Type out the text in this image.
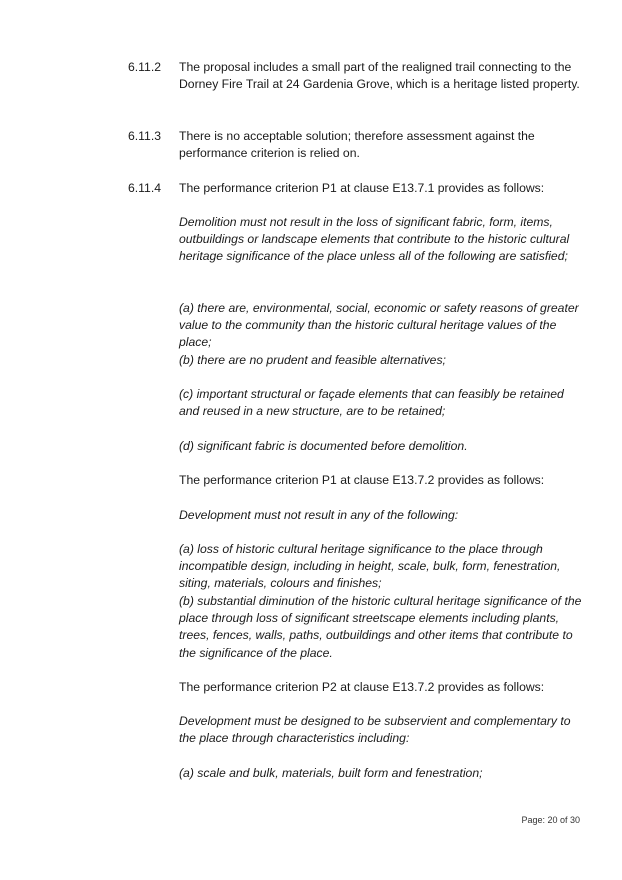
6.11.2	The proposal includes a small part of the realigned trail connecting to the Dorney Fire Trail at 24 Gardenia Grove, which is a heritage listed property.

6.11.3	There is no acceptable solution; therefore assessment against the performance criterion is relied on.

6.11.4	The performance criterion P1 at clause E13.7.1 provides as follows:

Demolition must not result in the loss of significant fabric, form, items, outbuildings or landscape elements that contribute to the historic cultural heritage significance of the place unless all of the following are satisfied;

(a) there are, environmental, social, economic or safety reasons of greater value to the community than the historic cultural heritage values of the place;

(b) there are no prudent and feasible alternatives;

(c) important structural or façade elements that can feasibly be retained and reused in a new structure, are to be retained;

(d) significant fabric is documented before demolition.

The performance criterion P1 at clause E13.7.2 provides as follows:

Development must not result in any of the following:

(a) loss of historic cultural heritage significance to the place through incompatible design, including in height, scale, bulk, form, fenestration, siting, materials, colours and finishes;

(b) substantial diminution of the historic cultural heritage significance of the place through loss of significant streetscape elements including plants, trees, fences, walls, paths, outbuildings and other items that contribute to the significance of the place.

The performance criterion P2 at clause E13.7.2 provides as follows:

Development must be designed to be subservient and complementary to the place through characteristics including:

(a) scale and bulk, materials, built form and fenestration;

Page: 20 of 30
